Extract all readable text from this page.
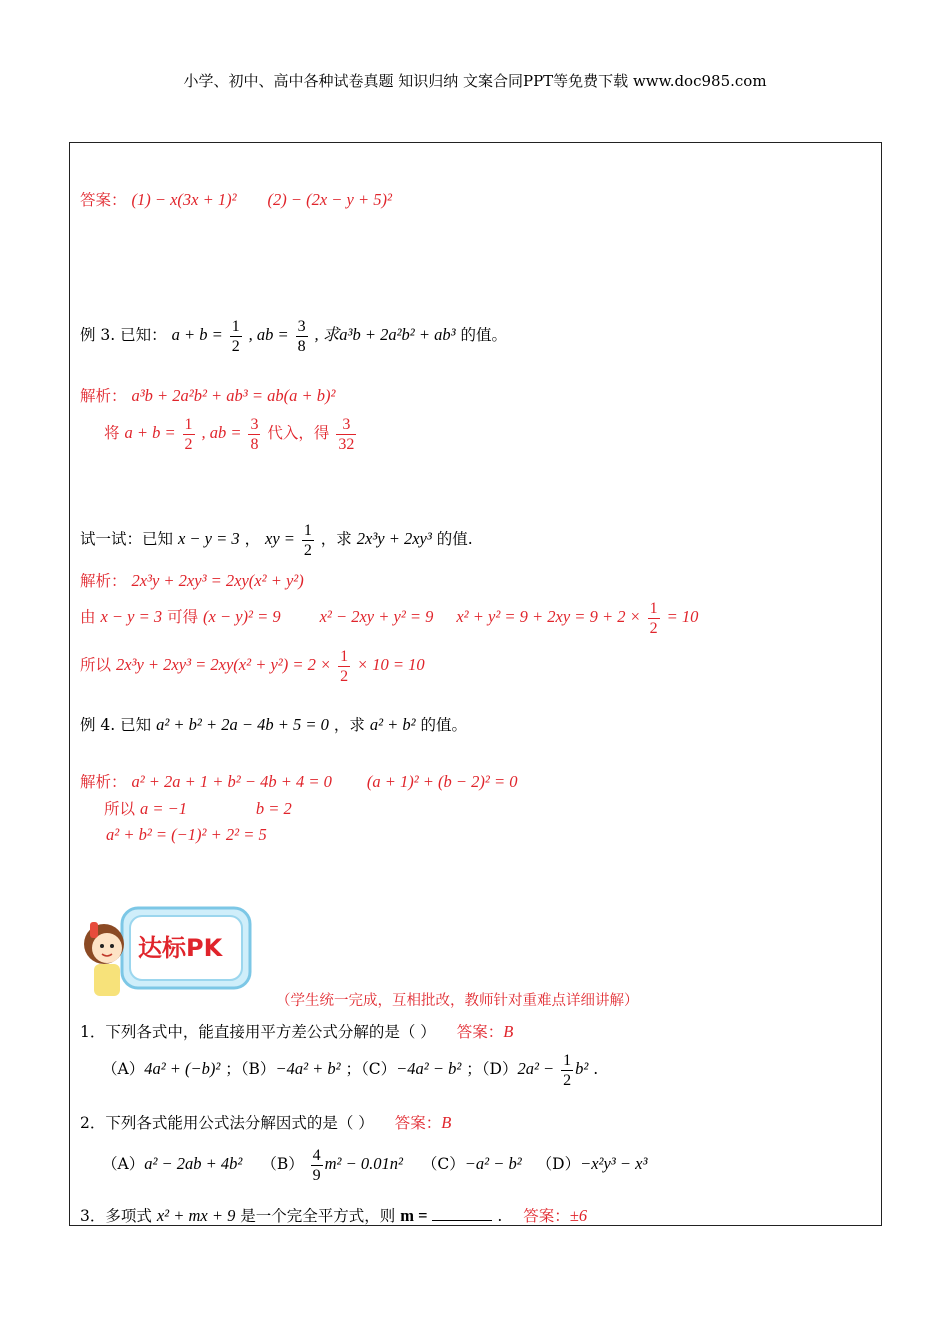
小学、初中、高中各种试卷真题 知识归纳 文案合同PPT等免费下载 www.doc985.com
答案： (1) − x(3x + 1)² (2) − (2x − y + 5)²
例 3. 已知： $a + b = \frac{1}{2}$ , ab = $\frac{3}{8}$ , 求a³b + 2a²b² + ab³ 的值。
解析： a³b + 2a²b² + ab³ = ab(a + b)²
将 $a + b = \frac{1}{2}$ , ab = $\frac{3}{8}$ 代入，得 $\frac{3}{32}$
试一试：已知 x − y = 3 ， xy = $\frac{1}{2}$ ，求 2x³y + 2xy³ 的值.
解析： 2x³y + 2xy³ = 2xy(x² + y²)
由 x − y = 3 可得 (x − y)² = 9 x² − 2xy + y² = 9 $x^2 + y^2 = 9 + 2xy = 9 + 2 \times \frac{1}{2} = 10$
所以 $2x^3y + 2xy^3 = 2xy(x^2 + y^2) = 2 \times \frac{1}{2} \times 10 = 10$
例 4. 已知 a² + b² + 2a − 4b + 5 = 0 ，求 a² + b² 的值。
解析： a² + 2a + 1 + b² − 4b + 4 = 0 (a + 1)² + (b − 2)² = 0
所以 a = −1	b = 2
a² + b² = (−1)² + 2² = 5
达标PK
（学生统一完成，互相批改，教师针对重难点详细讲解）
1．下列各式中，能直接用平方差公式分解的是（ ） 答案：B
（A）4a² + (−b)² ；（B）−4a² + b² ；（C）−4a² − b² ；$(D)2a^2 - \frac{1}{2} b^2$ .
2．下列各式能用公式法分解因式的是（ ） 答案：B
（A）a² − 2ab + 4b² $(B) \frac{4}{9} m^2 - 0.01n^2$ （C）−a² − b² （D）−x²y³ − x³
3．多项式 x² + mx + 9 是一个完全平方式，则 m =	. 答案：±6
